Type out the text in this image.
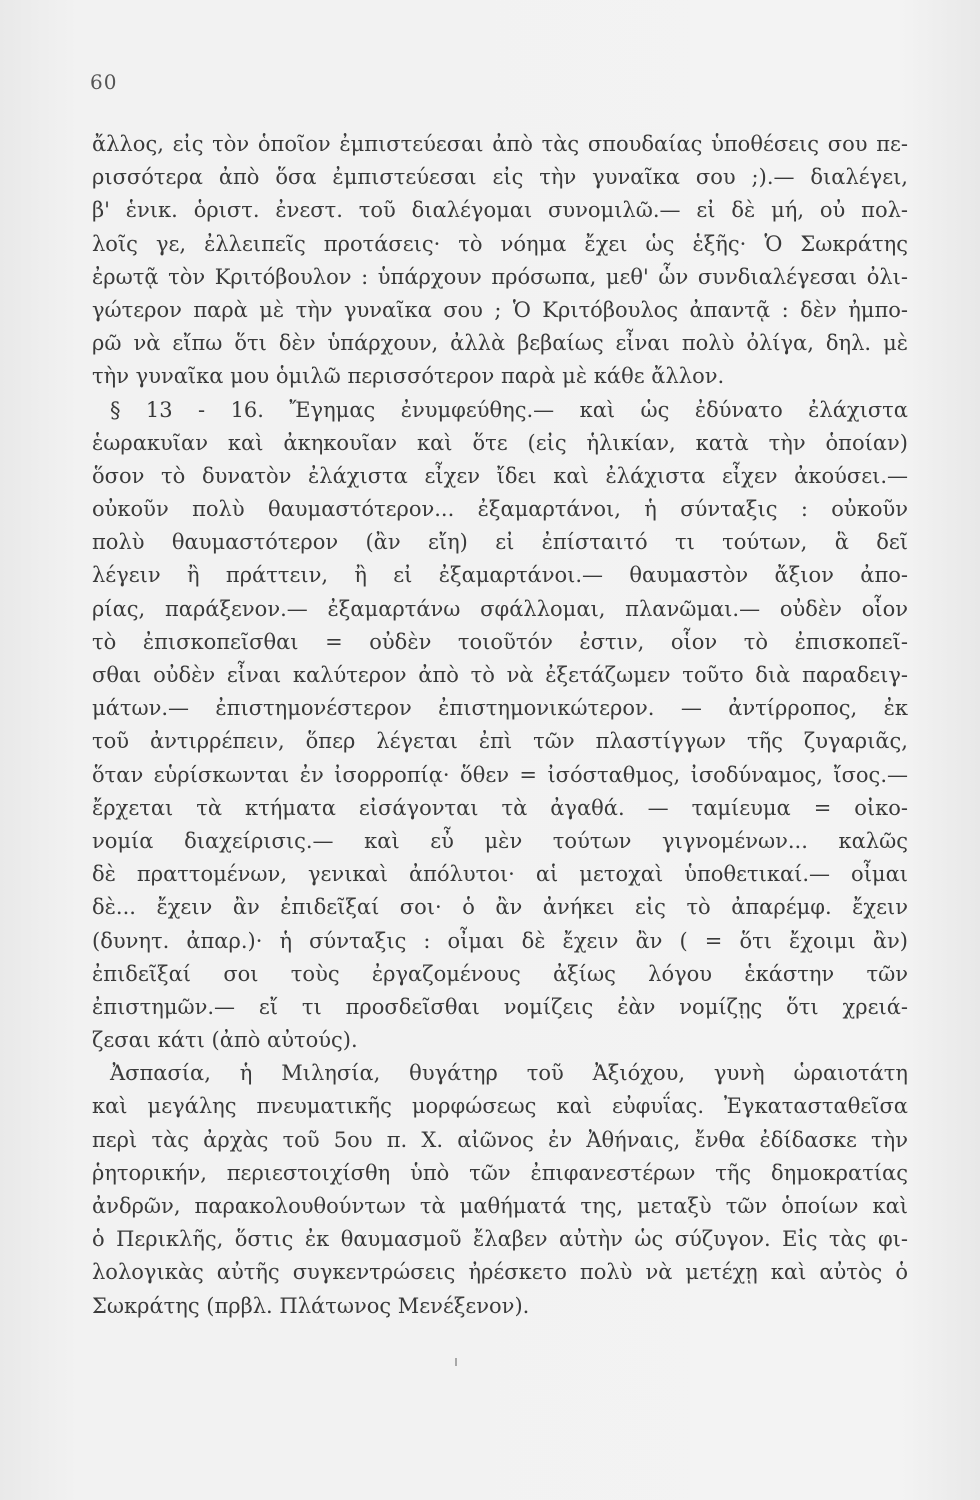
60
ἄλλος, εἰς τὸν ὁποῖον ἐμπιστεύεσαι ἀπὸ τὰς σπουδαίας ὑποθέσεις σου πε-
ρισσότερα ἀπὸ ὅσα ἐμπιστεύεσαι εἰς τὴν γυναῖκα σου ;).— διαλέγει,
β' ἑνικ. ὁριστ. ἐνεστ. τοῦ διαλέγομαι συνομιλῶ.— εἰ δὲ μή, οὐ πολ-
λοῖς γε, ἐλλειπεῖς προτάσεις· τὸ νόημα ἔχει ὡς ἑξῆς· Ὁ Σωκράτης
ἐρωτᾷ τὸν Κριτόβουλον : ὑπάρχουν πρόσωπα, μεθ' ὧν συνδιαλέγεσαι ὀλι-
γώτερον παρὰ μὲ τὴν γυναῖκα σου ; Ὁ Κριτόβουλος ἀπαντᾷ : δὲν ἠμπο-
ρῶ νὰ εἴπω ὅτι δὲν ὑπάρχουν, ἀλλὰ βεβαίως εἶναι πολὺ ὀλίγα, δηλ. μὲ
τὴν γυναῖκα μου ὁμιλῶ περισσότερον παρὰ μὲ κάθε ἄλλον.
§ 13 - 16. Ἔγημας ἐνυμφεύθης.— καὶ ὡς ἐδύνατο ἐλάχιστα
ἑωρακυῖαν καὶ ἀκηκουῖαν καὶ ὅτε (εἰς ἡλικίαν, κατὰ τὴν ὁποίαν)
ὅσον τὸ δυνατὸν ἐλάχιστα εἶχεν ἴδει καὶ ἐλάχιστα εἶχεν ἀκούσει.—
οὐκοῦν πολὺ θαυμαστότερον... ἐξαμαρτάνοι, ἡ σύνταξις : οὐκοῦν
πολὺ θαυμαστότερον (ἂν εἴη) εἰ ἐπίσταιτό τι τούτων, ἃ δεῖ
λέγειν ἢ πράττειν, ἢ εἰ ἐξαμαρτάνοι.— θαυμαστὸν ἄξιον ἀπο-
ρίας, παράξενον.— ἐξαμαρτάνω σφάλλομαι, πλανῶμαι.— οὐδὲν οἷον
τὸ ἐπισκοπεῖσθαι = οὐδὲν τοιοῦτόν ἐστιν, οἷον τὸ ἐπισκοπεῖ-
σθαι οὐδὲν εἶναι καλύτερον ἀπὸ τὸ νὰ ἐξετάζωμεν τοῦτο διὰ παραδειγ-
μάτων.— ἐπιστημονέστερον ἐπιστημονικώτερον. — ἀντίρροπος, ἐκ
τοῦ ἀντιρρέπειν, ὅπερ λέγεται ἐπὶ τῶν πλαστίγγων τῆς ζυγαριᾶς,
ὅταν εὑρίσκωνται ἐν ἰσορροπίᾳ· ὅθεν = ἰσόσταθμος, ἰσοδύναμος, ἴσος.—
ἔρχεται τὰ κτήματα εἰσάγονται τὰ ἀγαθά. — ταμίευμα = οἰκο-
νομία διαχείρισις.— καὶ εὖ μὲν τούτων γιγνομένων... καλῶς
δὲ πραττομένων, γενικαὶ ἀπόλυτοι· αἱ μετοχαὶ ὑποθετικαί.— οἶμαι
δὲ... ἔχειν ἂν ἐπιδεῖξαί σοι· ὁ ἂν ἀνήκει εἰς τὸ ἀπαρέμφ. ἔχειν
(δυνητ. ἀπαρ.)· ἡ σύνταξις : οἶμαι δὲ ἔχειν ἂν ( = ὅτι ἔχοιμι ἂν)
ἐπιδεῖξαί σοι τοὺς ἐργαζομένους ἀξίως λόγου ἑκάστην τῶν
ἐπιστημῶν.— εἴ τι προσδεῖσθαι νομίζεις ἐὰν νομίζῃς ὅτι χρειά-
ζεσαι κάτι (ἀπὸ αὐτούς).
Ἀσπασία, ἡ Μιλησία, θυγάτηρ τοῦ Ἀξιόχου, γυνὴ ὡραιοτάτη
καὶ μεγάλης πνευματικῆς μορφώσεως καὶ εὐφυΐας. Ἐγκατασταθεῖσα
περὶ τὰς ἀρχὰς τοῦ 5ου π. Χ. αἰῶνος ἐν Ἀθήναις, ἔνθα ἐδίδασκε τὴν
ῥητορικήν, περιεστοιχίσθη ὑπὸ τῶν ἐπιφανεστέρων τῆς δημοκρατίας
ἀνδρῶν, παρακολουθούντων τὰ μαθήματά της, μεταξὺ τῶν ὁποίων καὶ
ὁ Περικλῆς, ὅστις ἐκ θαυμασμοῦ ἔλαβεν αὐτὴν ὡς σύζυγον. Εἰς τὰς φι-
λολογικὰς αὐτῆς συγκεντρώσεις ἠρέσκετο πολὺ νὰ μετέχῃ καὶ αὐτὸς ὁ
Σωκράτης (πρβλ. Πλάτωνος Μενέξενον).
